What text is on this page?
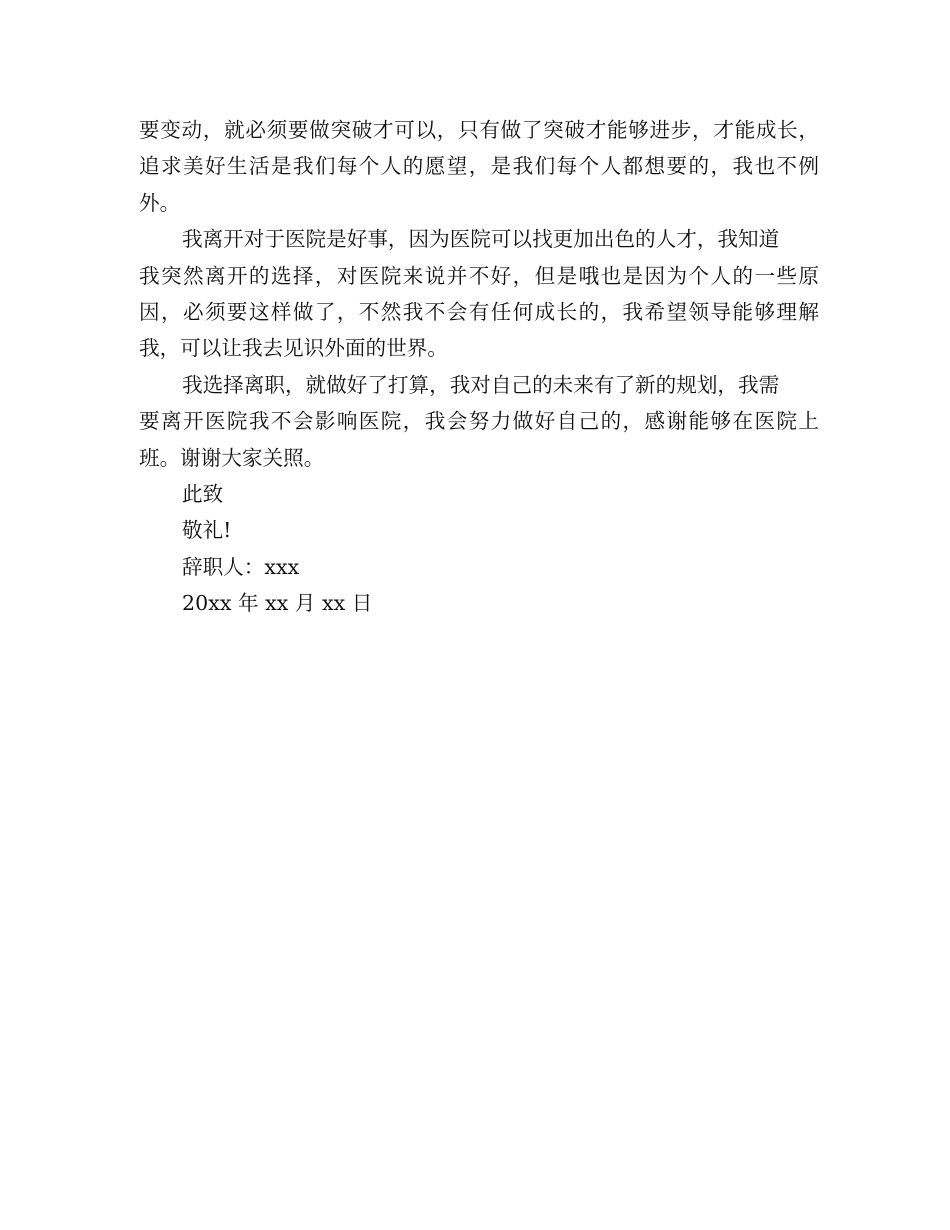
要变动，就必须要做突破才可以，只有做了突破才能够进步，才能成长，
追求美好生活是我们每个人的愿望，是我们每个人都想要的，我也不例
外。
我离开对于医院是好事，因为医院可以找更加出色的人才，我知道
我突然离开的选择，对医院来说并不好，但是哦也是因为个人的一些原
因，必须要这样做了，不然我不会有任何成长的，我希望领导能够理解
我，可以让我去见识外面的世界。
我选择离职，就做好了打算，我对自己的未来有了新的规划，我需
要离开医院我不会影响医院，我会努力做好自己的，感谢能够在医院上
班。谢谢大家关照。
此致
敬礼!
辞职人：xxx
20xx 年 xx 月 xx 日
